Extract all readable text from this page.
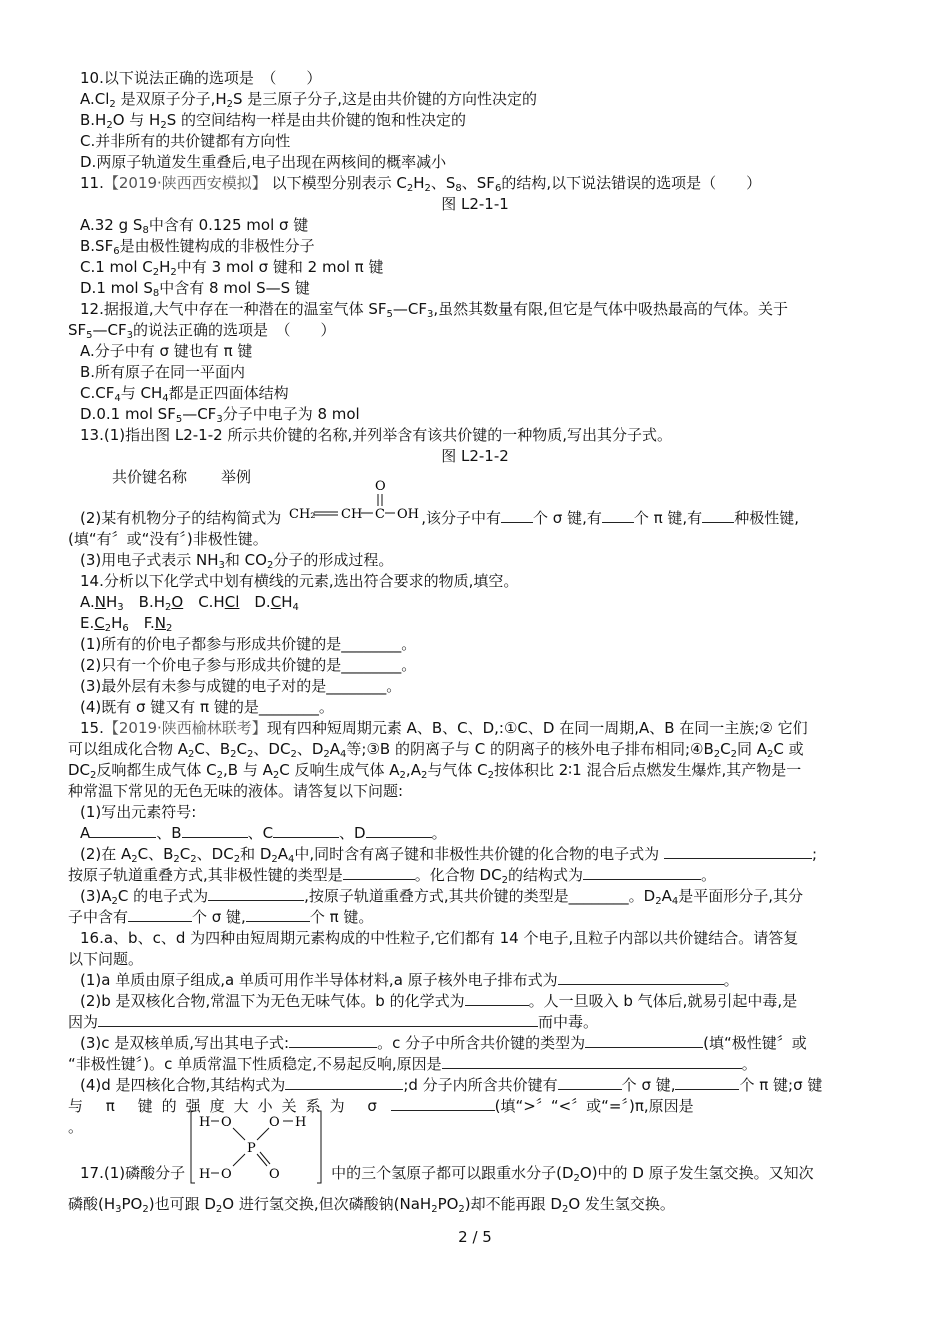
10.以下说法正确的选项是　（　　）
$A.Cl_2$ 是双原子分子$,H_2S$ 是三原子分子,这是由共价键的方向性决定的
$B.H_2O$ 与 $H_2S$ 的空间结构一样是由共价键的饱和性决定的
C.并非所有的共价键都有方向性
D.两原子轨道发生重叠后,电子出现在两核间的概率减小
11.【2019·陕西西安模拟】 以下模型分别表示 $C_2H_2$、$S_8$、$SF_6$的结构,以下说法错误的选项是（　　）
图 L2-1-1
A.32 g $S_8$中含有 0.125 mol σ 键
$B.SF_6$是由极性键构成的非极性分子
C.1 mol $C_2H_2$中有 3 mol σ 键和 2 mol π 键
D.1 mol $S_8$中含有 8 mol S—S 键
12.据报道,大气中存在一种潜在的温室气体 $SF_5—CF_3$,虽然其数量有限,但它是气体中吸热最高的气体。关于
$SF_5—CF_3$的说法正确的选项是　（　　）
A.分子中有 σ 键也有 π 键
B.所有原子在同一平面内
$C.CF_4$与 $CH_4$都是正四面体结构
D.0.1 mol $SF_5—CF_3$分子中电子为 8 mol
13.(1)指出图 L2-1-2 所示共价键的名称,并列举含有该共价键的一种物质,写出其分子式。
图 L2-1-2
共价键名称 举例
(2)某有机物分子的结构简式为 CH₂ CH C OH
O
,该分子中有 个 σ 键,有 个 π 键,有 种极性键,
(填“有〞或“没有〞)非极性键。
(3)用电子式表示 $NH_3$和 $CO_2$分子的形成过程。
14.分析以下化学式中划有横线的元素,选出符合要求的物质,填空。
$A.NH_3$　$B.H_2O$　C.HCl　$D.CH_4$
$E.C_2H_6$　$F.N_2$
(1)所有的价电子都参与形成共价键的是________。
(2)只有一个价电子参与形成共价键的是________。
(3)最外层有未参与成键的电子对的是________。
(4)既有 σ 键又有 π 键的是________。
15.【2019·陕西榆林联考】现有四种短周期元素 A、B、C、D,:①C、D 在同一周期,A、B 在同一主族;② 它们
可以组成化合物 $A_2C$、$B_2C_2$、$DC_2$、$D_2A_4$等;③B 的阴离子与 C 的阴离子的核外电子排布相同$;④B_2C_2$同 $A_2C$ 或
$DC_2$反响都生成气体 $C_2,B$ 与 $A_2C$ 反响生成气体 $A_2,A_2$与气体 $C_2$按体积比 2∶1 混合后点燃发生爆炸,其产物是一
种常温下常见的无色无味的液体。请答复以下问题:
(1)写出元素符号:
A	、B	、C	、D	。
(2)在 $A_2C$、$B_2C_2$、$DC_2$和 $D_2A_4$中,同时含有离子键和非极性共价键的化合物的电子式为	;
按原子轨道重叠方式,其非极性键的类型是	。化合物 $DC_2$的结构式为	。
$(3)A_2C$ 的电子式为	,按原子轨道重叠方式,其共价键的类型是________。$D_2A_4$是平面形分子,其分
子中含有	个 σ 键,	个 π 键。
16.a、b、c、d 为四种由短周期元素构成的中性粒子,它们都有 14 个电子,且粒子内部以共价键结合。请答复
以下问题。
(1)a 单质由原子组成,a 单质可用作半导体材料,a 原子核外电子排布式为	。
(2)b 是双核化合物,常温下为无色无味气体。b 的化学式为	。人一旦吸入 b 气体后,就易引起中毒,是
因为	而中毒。
(3)c 是双核单质,写出其电子式:	。c 分子中所含共价键的类型为	(填“极性键〞或
“非极性键〞)。c 单质常温下性质稳定,不易起反响,原因是	。
(4)d 是四核化合物,其结构式为	;d 分子内所含共价键有	个 σ 键,	个 π 键;σ 键
与 π 键的强度大小关系为 σ	(填“>〞“<〞或“=〞)π,原因是
。
17.(1)磷酸分子
H O
P
O H
H O	O	中的三个氢原子都可以跟重水分子$(D_2O)$中的 D 原子发生氢交换。又知次
磷酸$(H_3PO_2)$也可跟 $D_2O$ 进行氢交换,但次磷酸钠$(NaH_2PO_2)$却不能再跟 $D_2O$ 发生氢交换。
2 / 5
